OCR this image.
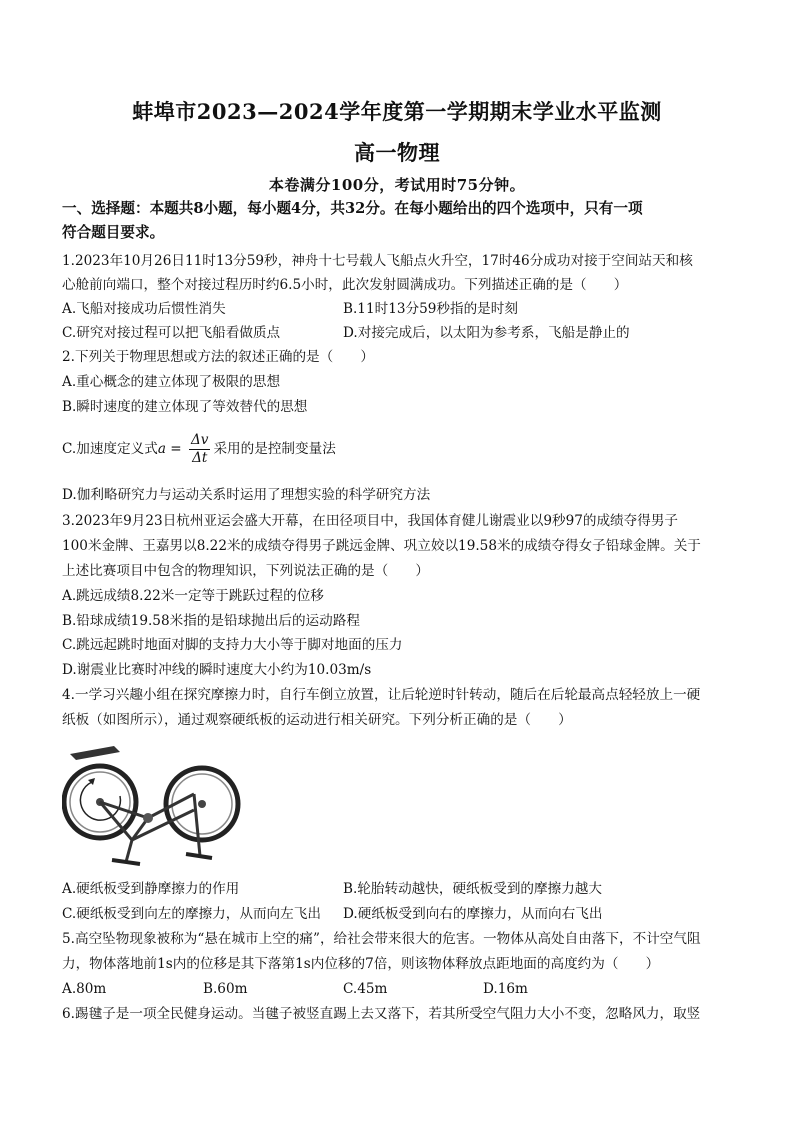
蚌埠市2023—2024学年度第一学期期末学业水平监测
高一物理
本卷满分100分，考试用时75分钟。
一、选择题：本题共8小题，每小题4分，共32分。在每小题给出的四个选项中，只有一项
符合题目要求。
1.2023年10月26日11时13分59秒，神舟十七号载人飞船点火升空，17时46分成功对接于空间站天和核
心舱前向端口，整个对接过程历时约6.5小时，此次发射圆满成功。下列描述正确的是（　　）
A.飞船对接成功后惯性消失	B.11时13分59秒指的是时刻
C.研究对接过程可以把飞船看做质点	D.对接完成后，以太阳为参考系，飞船是静止的
2.下列关于物理思想或方法的叙述正确的是（　　）
A.重心概念的建立体现了极限的思想
B.瞬时速度的建立体现了等效替代的思想
C.加速度定义式$a = \frac{\Delta v}{\Delta t}$ 采用的是控制变量法
D.伽利略研究力与运动关系时运用了理想实验的科学研究方法
3.2023年9月23日杭州亚运会盛大开幕，在田径项目中，我国体育健儿谢震业以9秒97的成绩夺得男子
100米金牌、王嘉男以8.22米的成绩夺得男子跳远金牌、巩立姣以19.58米的成绩夺得女子铅球金牌。关于
上述比赛项目中包含的物理知识，下列说法正确的是（　　）
A.跳远成绩8.22米一定等于跳跃过程的位移
B.铅球成绩19.58米指的是铅球抛出后的运动路程
C.跳远起跳时地面对脚的支持力大小等于脚对地面的压力
D.谢震业比赛时冲线的瞬时速度大小约为10.03m/s
4.一学习兴趣小组在探究摩擦力时，自行车倒立放置，让后轮逆时针转动，随后在后轮最高点轻轻放上一硬
纸板（如图所示），通过观察硬纸板的运动进行相关研究。下列分析正确的是（　　）
A.硬纸板受到静摩擦力的作用	B.轮胎转动越快，硬纸板受到的摩擦力越大
C.硬纸板受到向左的摩擦力，从而向左飞出 D.硬纸板受到向右的摩擦力，从而向右飞出
5.高空坠物现象被称为“悬在城市上空的痛”，给社会带来很大的危害。一物体从高处自由落下，不计空气阻
力，物体落地前1s内的位移是其下落第1s内位移的7倍，则该物体释放点距地面的高度约为（　　）
A.80m	B.60m	C.45m	D.16m
6.踢毽子是一项全民健身运动。当毽子被竖直踢上去又落下，若其所受空气阻力大小不变，忽略风力，取竖
